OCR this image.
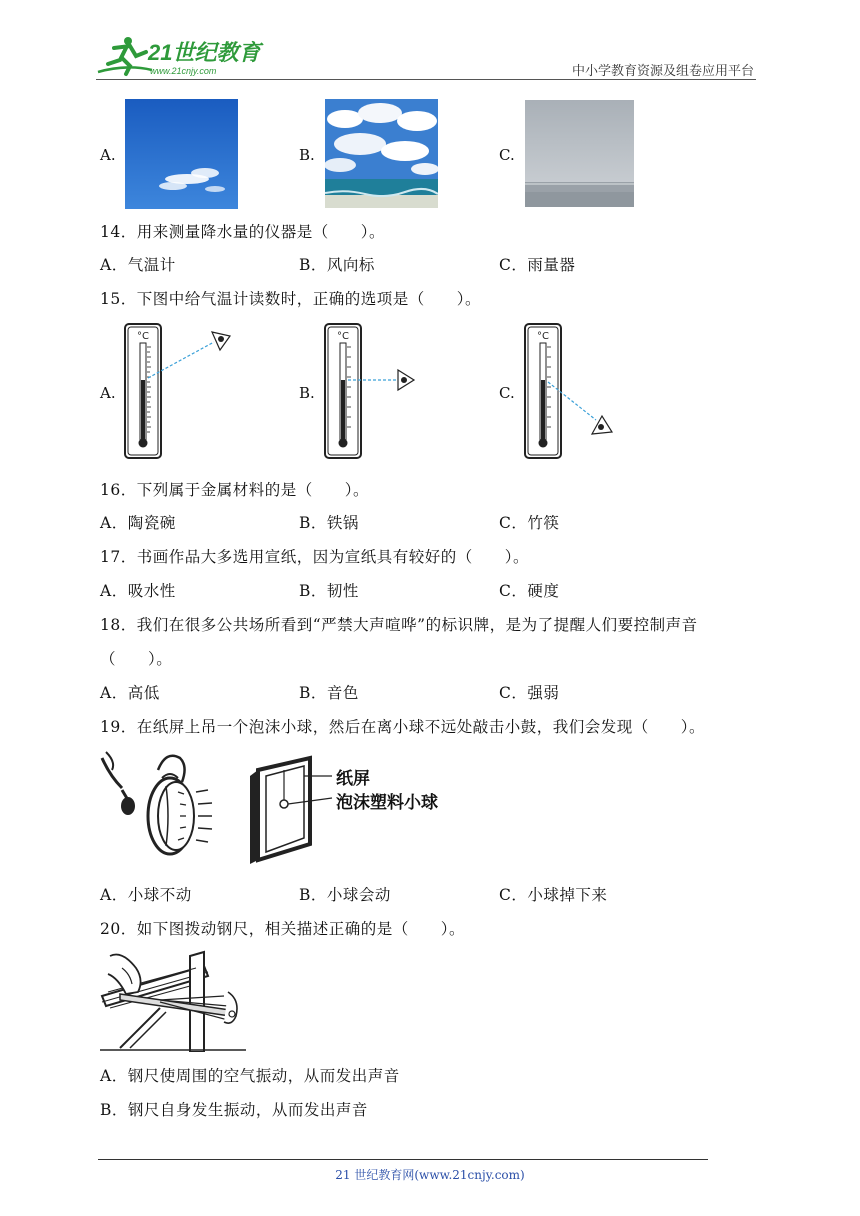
21世纪教育
www.21cnjy.com	中小学教育资源及组卷应用平台
A.	B.	C.
14．用来测量降水量的仪器是（　　）。
A．气温计	B．风向标	C．雨量器
15．下图中给气温计读数时，正确的选项是（　　）。
A.
°C
B.
°C
C.
°C
16．下列属于金属材料的是（　　）。
A．陶瓷碗	B．铁锅	C．竹筷
17．书画作品大多选用宣纸，因为宣纸具有较好的（　　）。
A．吸水性	B．韧性	C．硬度
18．我们在很多公共场所看到“严禁大声喧哗”的标识牌，是为了提醒人们要控制声音
（　　）。
A．高低	B．音色	C．强弱
19．在纸屏上吊一个泡沫小球，然后在离小球不远处敲击小鼓，我们会发现（　　）。
纸屏
泡沫塑料小球
A．小球不动	B．小球会动	C．小球掉下来
20．如下图拨动钢尺，相关描述正确的是（　　）。
A．钢尺使周围的空气振动，从而发出声音
B．钢尺自身发生振动，从而发出声音
21 世纪教育网(www.21cnjy.com)
